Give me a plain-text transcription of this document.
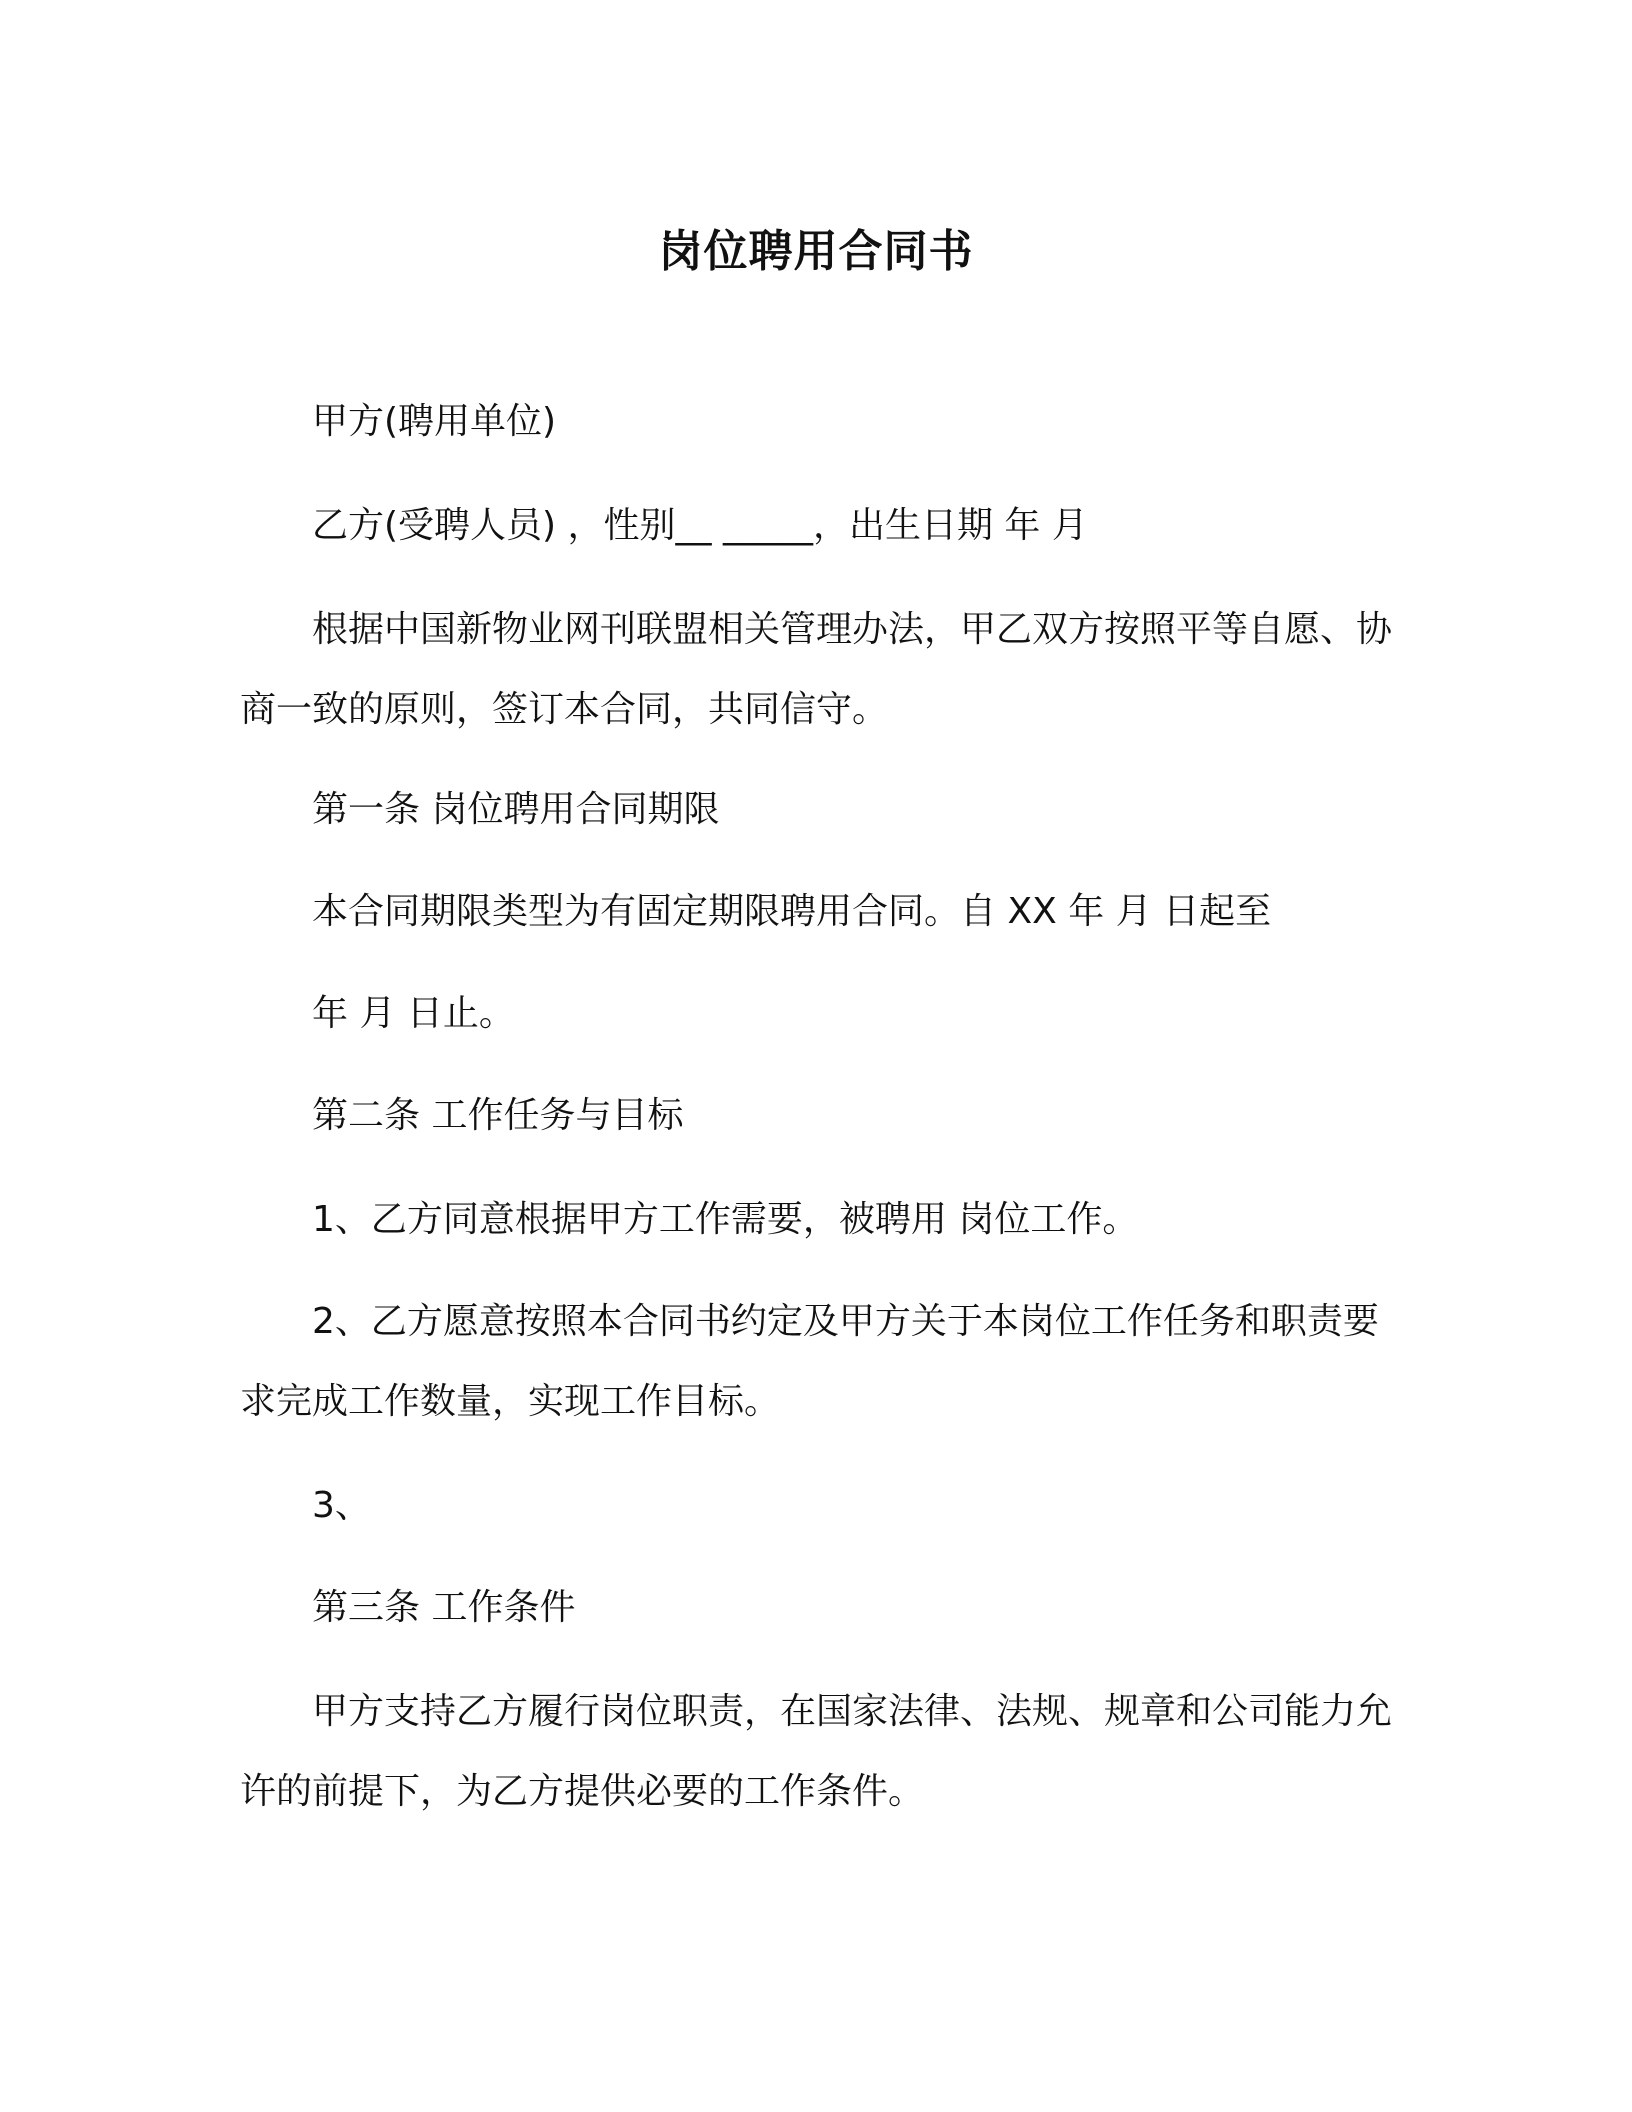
岗位聘用合同书
甲方(聘用单位)
乙方(受聘人员) ，性别__ _____，出生日期 年 月
根据中国新物业网刊联盟相关管理办法，甲乙双方按照平等自愿、协商一致的原则，签订本合同，共同信守。
第一条 岗位聘用合同期限
本合同期限类型为有固定期限聘用合同。自 XX 年 月 日起至
年 月 日止。
第二条 工作任务与目标
1、乙方同意根据甲方工作需要，被聘用 岗位工作。
2、乙方愿意按照本合同书约定及甲方关于本岗位工作任务和职责要求完成工作数量，实现工作目标。
3、
第三条 工作条件
甲方支持乙方履行岗位职责，在国家法律、法规、规章和公司能力允许的前提下，为乙方提供必要的工作条件。
